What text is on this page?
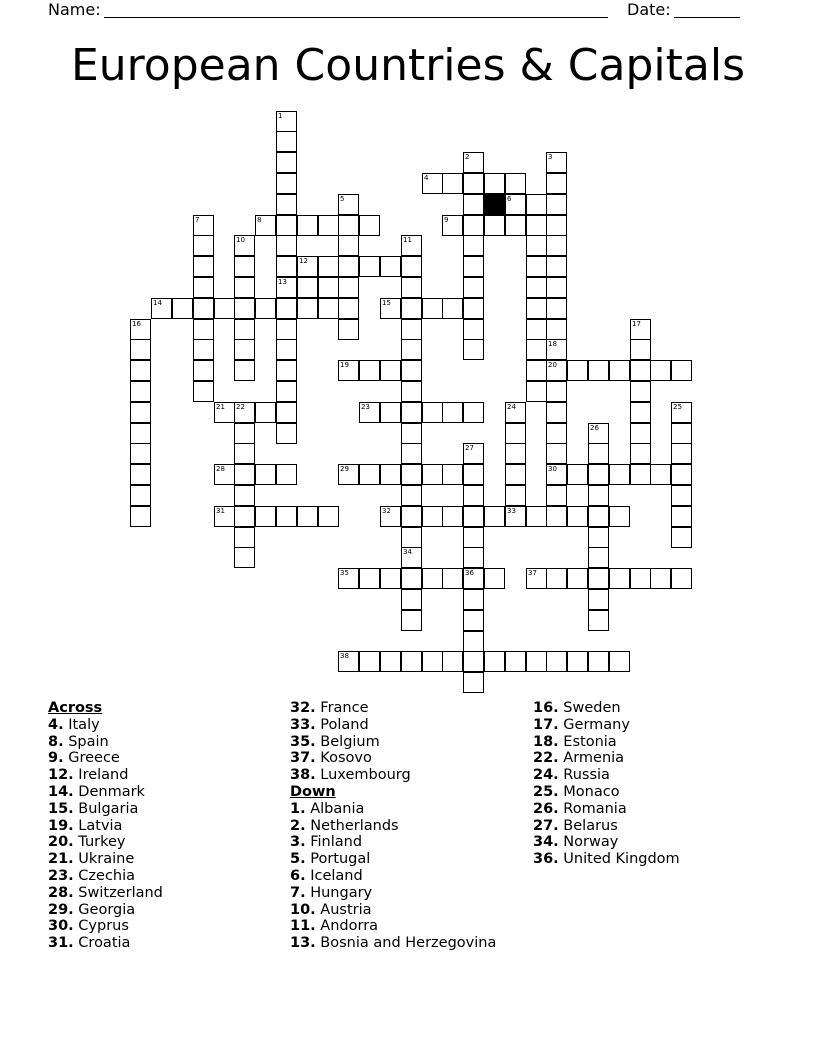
Name:	Date:
European Countries & Capitals
1
13
2	3
18
4
5
8	9
7
10	11
34
12
14	15
16	17
20
30
19
21	23	24
33
25
26
27
28	29
31	32
35	36	37
38
6
22
Across
4. Italy
8. Spain
9. Greece
12. Ireland
14. Denmark
15. Bulgaria
19. Latvia
20. Turkey
21. Ukraine
23. Czechia
28. Switzerland
29. Georgia
30. Cyprus
31. Croatia
32. France
33. Poland
35. Belgium
37. Kosovo
38. Luxembourg
Down
1. Albania
2. Netherlands
3. Finland
5. Portugal
6. Iceland
7. Hungary
10. Austria
11. Andorra
13. Bosnia and Herzegovina
16. Sweden
17. Germany
18. Estonia
22. Armenia
24. Russia
25. Monaco
26. Romania
27. Belarus
34. Norway
36. United Kingdom
